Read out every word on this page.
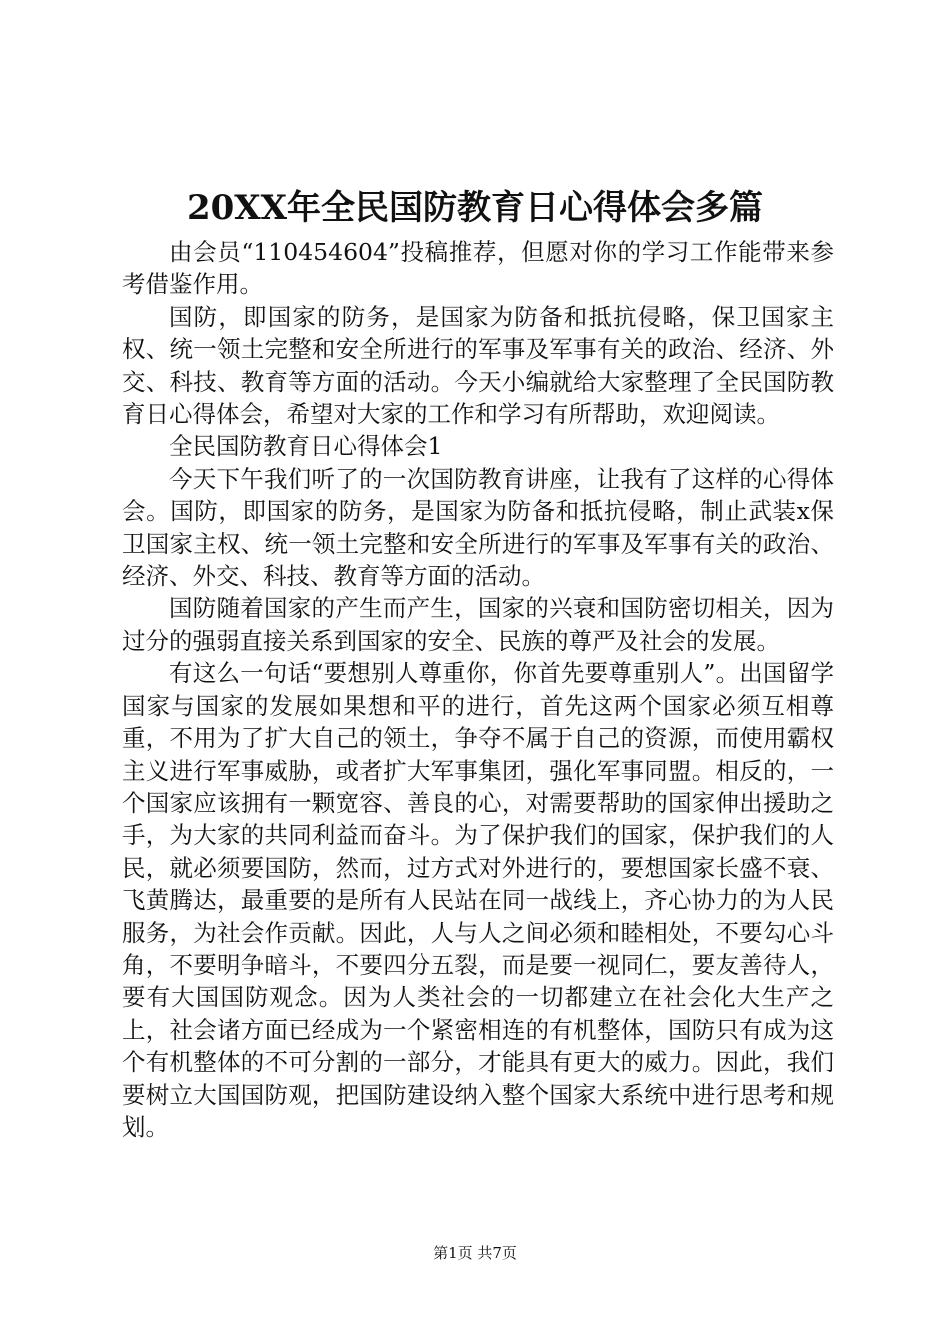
20XX年全民国防教育日心得体会多篇

由会员“110454604”投稿推荐，但愿对你的学习工作能带来参考借鉴作用。

国防，即国家的防务，是国家为防备和抵抗侵略，保卫国家主权、统一领土完整和安全所进行的军事及军事有关的政治、经济、外交、科技、教育等方面的活动。今天小编就给大家整理了全民国防教育日心得体会，希望对大家的工作和学习有所帮助，欢迎阅读。

全民国防教育日心得体会1

今天下午我们听了的一次国防教育讲座，让我有了这样的心得体会。国防，即国家的防务，是国家为防备和抵抗侵略，制止武装x保卫国家主权、统一领土完整和安全所进行的军事及军事有关的政治、经济、外交、科技、教育等方面的活动。

国防随着国家的产生而产生，国家的兴衰和国防密切相关，因为过分的强弱直接关系到国家的安全、民族的尊严及社会的发展。

有这么一句话“要想别人尊重你，你首先要尊重别人”。出国留学国家与国家的发展如果想和平的进行，首先这两个国家必须互相尊重，不用为了扩大自己的领土，争夺不属于自己的资源，而使用霸权主义进行军事威胁，或者扩大军事集团，强化军事同盟。相反的，一个国家应该拥有一颗宽容、善良的心，对需要帮助的国家伸出援助之手，为大家的共同利益而奋斗。为了保护我们的国家，保护我们的人民，就必须要国防，然而，过方式对外进行的，要想国家长盛不衰、飞黄腾达，最重要的是所有人民站在同一战线上，齐心协力的为人民服务，为社会作贡献。因此，人与人之间必须和睦相处，不要勾心斗角，不要明争暗斗，不要四分五裂，而是要一视同仁，要友善待人，要有大国国防观念。因为人类社会的一切都建立在社会化大生产之上，社会诸方面已经成为一个紧密相连的有机整体，国防只有成为这个有机整体的不可分割的一部分，才能具有更大的威力。因此，我们要树立大国国防观，把国防建设纳入整个国家大系统中进行思考和规划。

第1页 共7页
